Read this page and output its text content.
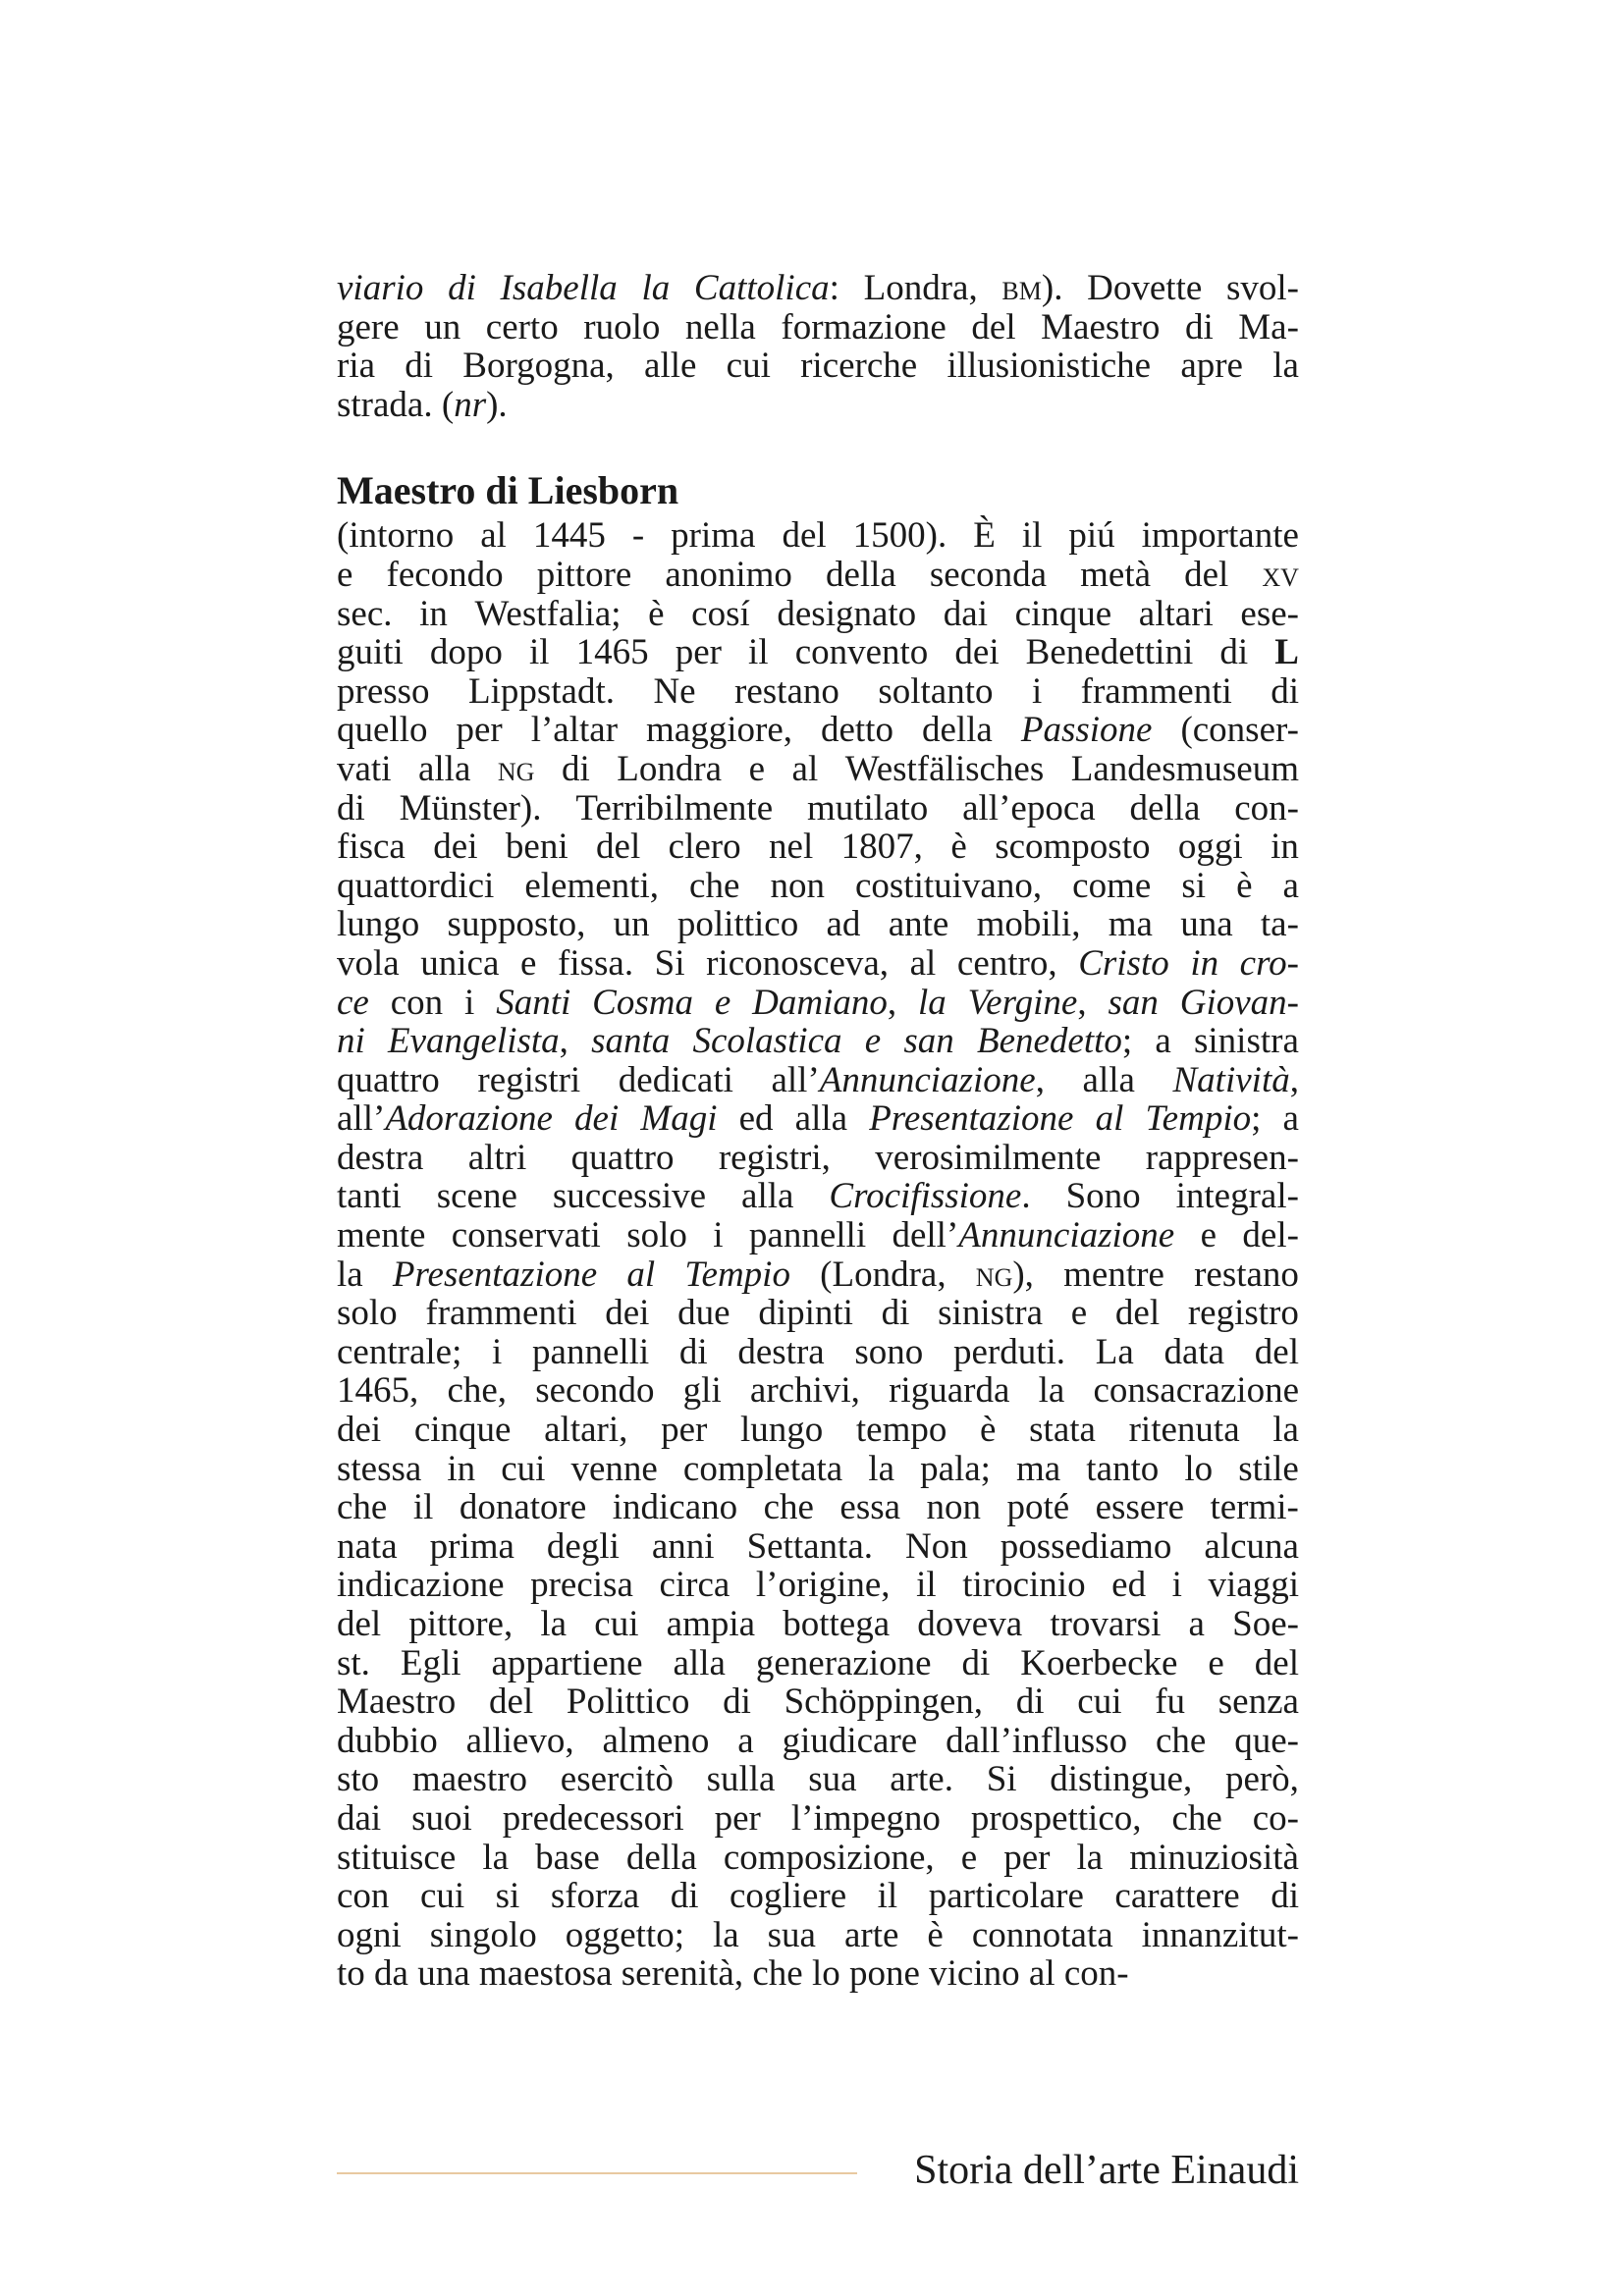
viario di Isabella la Cattolica: Londra, bm). Dovette svol-
gere un certo ruolo nella formazione del Maestro di Ma-
ria di Borgogna, alle cui ricerche illusionistiche apre la
strada. (nr).
Maestro di Liesborn
(intorno al 1445 - prima del 1500). È il piú importante
e fecondo pittore anonimo della seconda metà del xv
sec. in Westfalia; è cosí designato dai cinque altari ese-
guiti dopo il 1465 per il convento dei Benedettini di L
presso Lippstadt. Ne restano soltanto i frammenti di
quello per l’altar maggiore, detto della Passione (conser-
vati alla ng di Londra e al Westfälisches Landesmuseum
di Münster). Terribilmente mutilato all’epoca della con-
fisca dei beni del clero nel 1807, è scomposto oggi in
quattordici elementi, che non costituivano, come si è a
lungo supposto, un polittico ad ante mobili, ma una ta-
vola unica e fissa. Si riconosceva, al centro, Cristo in cro-
ce con i Santi Cosma e Damiano, la Vergine, san Giovan-
ni Evangelista, santa Scolastica e san Benedetto; a sinistra
quattro registri dedicati all’Annunciazione, alla Natività,
all’Adorazione dei Magi ed alla Presentazione al Tempio; a
destra altri quattro registri, verosimilmente rappresen-
tanti scene successive alla Crocifissione. Sono integral-
mente conservati solo i pannelli dell’Annunciazione e del-
la Presentazione al Tempio (Londra, ng), mentre restano
solo frammenti dei due dipinti di sinistra e del registro
centrale; i pannelli di destra sono perduti. La data del
1465, che, secondo gli archivi, riguarda la consacrazione
dei cinque altari, per lungo tempo è stata ritenuta la
stessa in cui venne completata la pala; ma tanto lo stile
che il donatore indicano che essa non poté essere termi-
nata prima degli anni Settanta. Non possediamo alcuna
indicazione precisa circa l’origine, il tirocinio ed i viaggi
del pittore, la cui ampia bottega doveva trovarsi a Soe-
st. Egli appartiene alla generazione di Koerbecke e del
Maestro del Polittico di Schöppingen, di cui fu senza
dubbio allievo, almeno a giudicare dall’influsso che que-
sto maestro esercitò sulla sua arte. Si distingue, però,
dai suoi predecessori per l’impegno prospettico, che co-
stituisce la base della composizione, e per la minuziosità
con cui si sforza di cogliere il particolare carattere di
ogni singolo oggetto; la sua arte è connotata innanzitut-
to da una maestosa serenità, che lo pone vicino al con-
Storia dell’arte Einaudi
